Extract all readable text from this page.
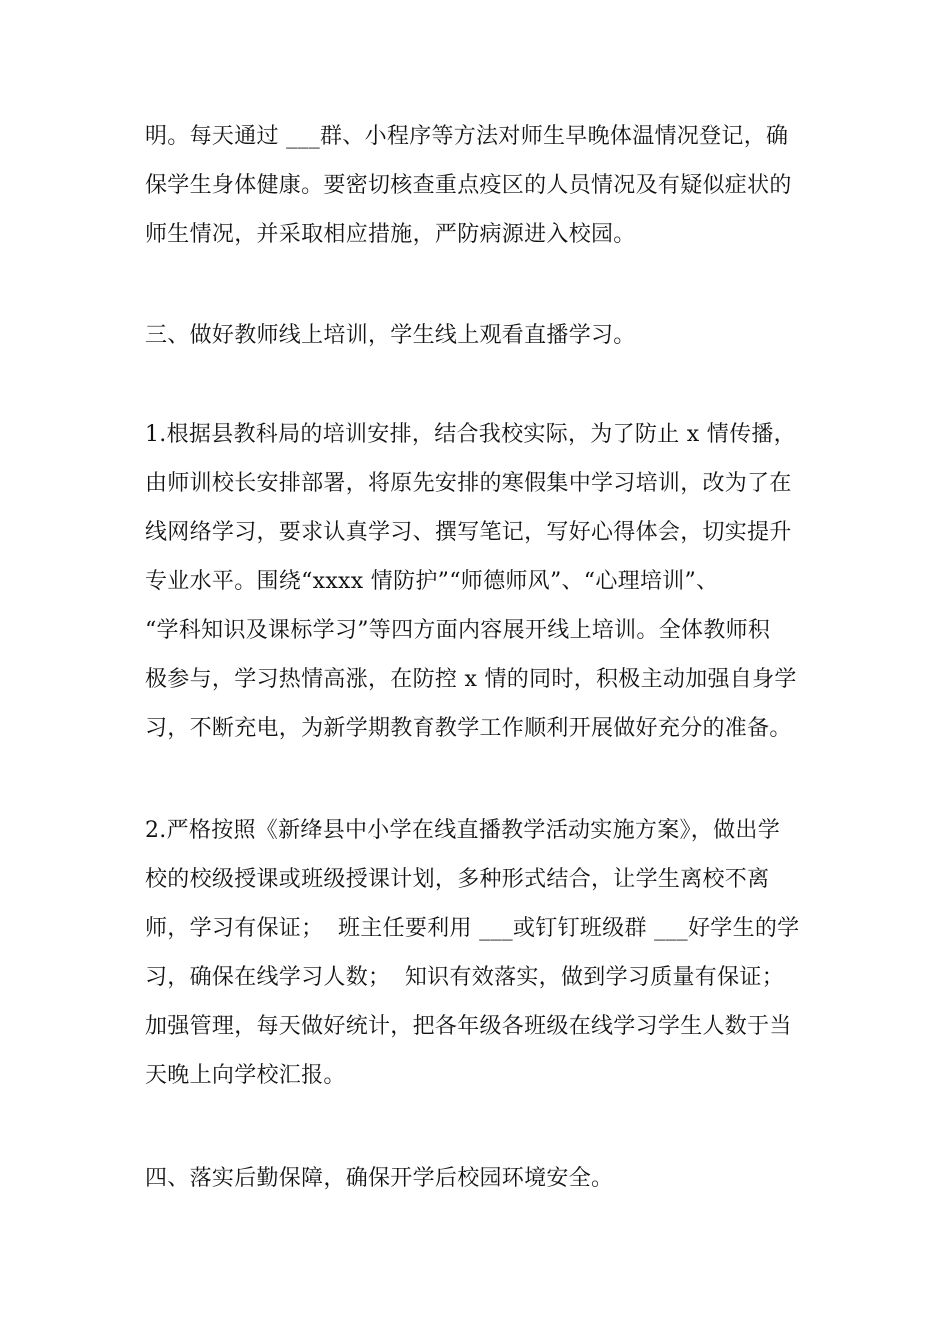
明。每天通过 ___群、小程序等方法对师生早晚体温情况登记，确
保学生身体健康。要密切核查重点疫区的人员情况及有疑似症状的
师生情况，并采取相应措施，严防病源进入校园。
三、做好教师线上培训，学生线上观看直播学习。
1.根据县教科局的培训安排，结合我校实际，为了防止 x 情传播，
由师训校长安排部署，将原先安排的寒假集中学习培训，改为了在
线网络学习，要求认真学习、撰写笔记，写好心得体会，切实提升
专业水平。围绕“xxxx 情防护”“师德师风”、“心理培训”、
“学科知识及课标学习”等四方面内容展开线上培训。全体教师积
极参与，学习热情高涨，在防控 x 情的同时，积极主动加强自身学
习，不断充电，为新学期教育教学工作顺利开展做好充分的准备。
2.严格按照《新绛县中小学在线直播教学活动实施方案》，做出学
校的校级授课或班级授课计划，多种形式结合，让学生离校不离
师，学习有保证；  班主任要利用 ___或钉钉班级群 ___好学生的学
习，确保在线学习人数；  知识有效落实，做到学习质量有保证；
加强管理，每天做好统计，把各年级各班级在线学习学生人数于当
天晚上向学校汇报。
四、落实后勤保障，确保开学后校园环境安全。
